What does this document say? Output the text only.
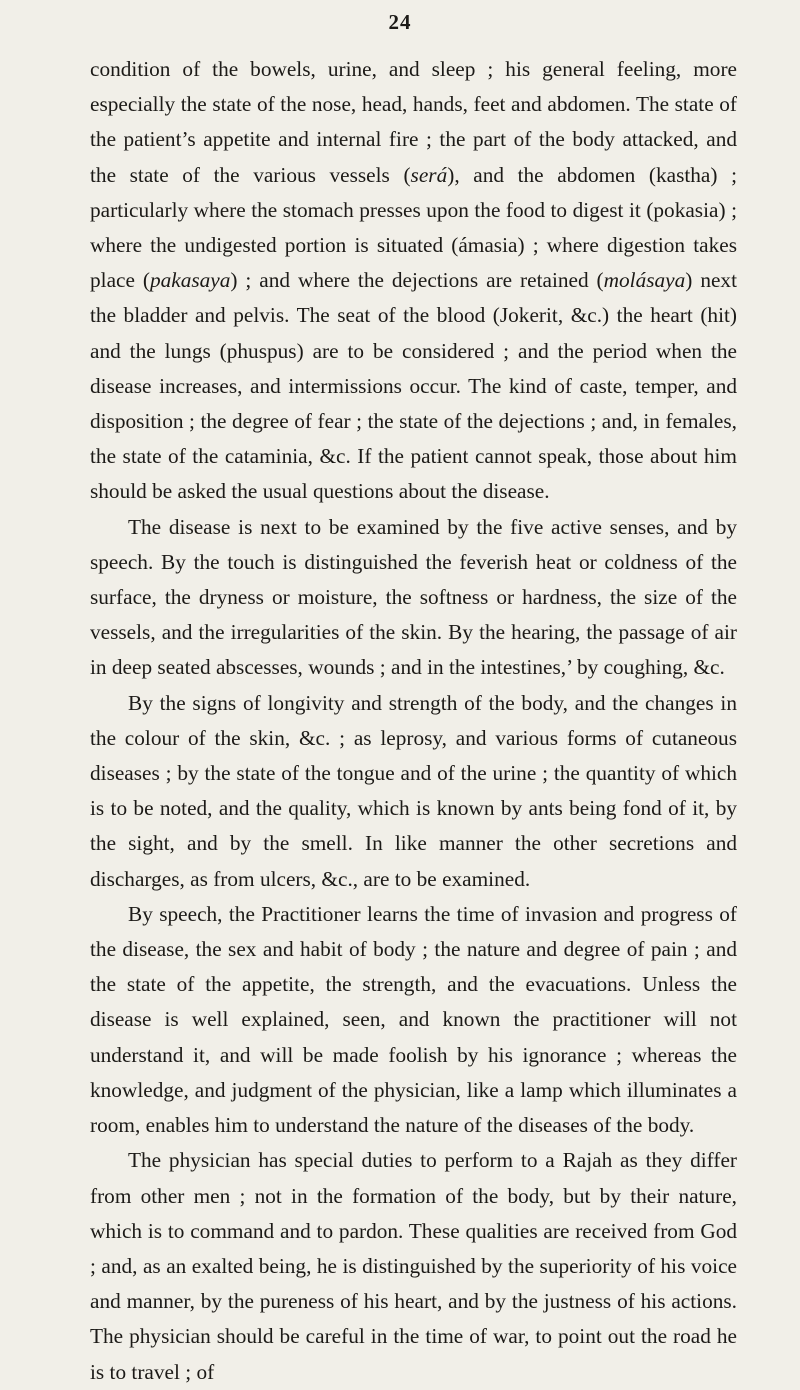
24

condition of the bowels, urine, and sleep ; his general feeling, more especially the state of the nose, head, hands, feet and abdomen. The state of the patient’s appetite and internal fire ; the part of the body attacked, and the state of the various vessels (será), and the abdomen (kastha) ; particularly where the stomach presses upon the food to digest it (pokasia) ; where the undigested portion is situated (ámasia) ; where digestion takes place (pakasaya) ; and where the dejections are retained (molásaya) next the bladder and pelvis. The seat of the blood (Jokerit, &c.) the heart (hit) and the lungs (phuspus) are to be considered ; and the period when the disease increases, and intermissions occur. The kind of caste, temper, and disposition ; the degree of fear ; the state of the dejections ; and, in females, the state of the cataminia, &c. If the patient cannot speak, those about him should be asked the usual questions about the disease.

The disease is next to be examined by the five active senses, and by speech. By the touch is distinguished the feverish heat or coldness of the surface, the dryness or moisture, the softness or hardness, the size of the vessels, and the irregularities of the skin. By the hearing, the passage of air in deep seated abscesses, wounds ; and in the intestines,’ by coughing, &c.

By the signs of longivity and strength of the body, and the changes in the colour of the skin, &c. ; as leprosy, and various forms of cutaneous diseases ; by the state of the tongue and of the urine ; the quantity of which is to be noted, and the quality, which is known by ants being fond of it, by the sight, and by the smell. In like manner the other secretions and discharges, as from ulcers, &c., are to be examined.

By speech, the Practitioner learns the time of invasion and progress of the disease, the sex and habit of body ; the nature and degree of pain ; and the state of the appetite, the strength, and the evacuations. Unless the disease is well explained, seen, and known the practitioner will not understand it, and will be made foolish by his ignorance ; whereas the knowledge, and judgment of the physician, like a lamp which illuminates a room, enables him to understand the nature of the diseases of the body.

The physician has special duties to perform to a Rajah as they differ from other men ; not in the formation of the body, but by their nature, which is to command and to pardon. These qualities are received from God ; and, as an exalted being, he is distinguished by the superiority of his voice and manner, by the pureness of his heart, and by the justness of his actions. The physician should be careful in the time of war, to point out the road he is to travel ; of
